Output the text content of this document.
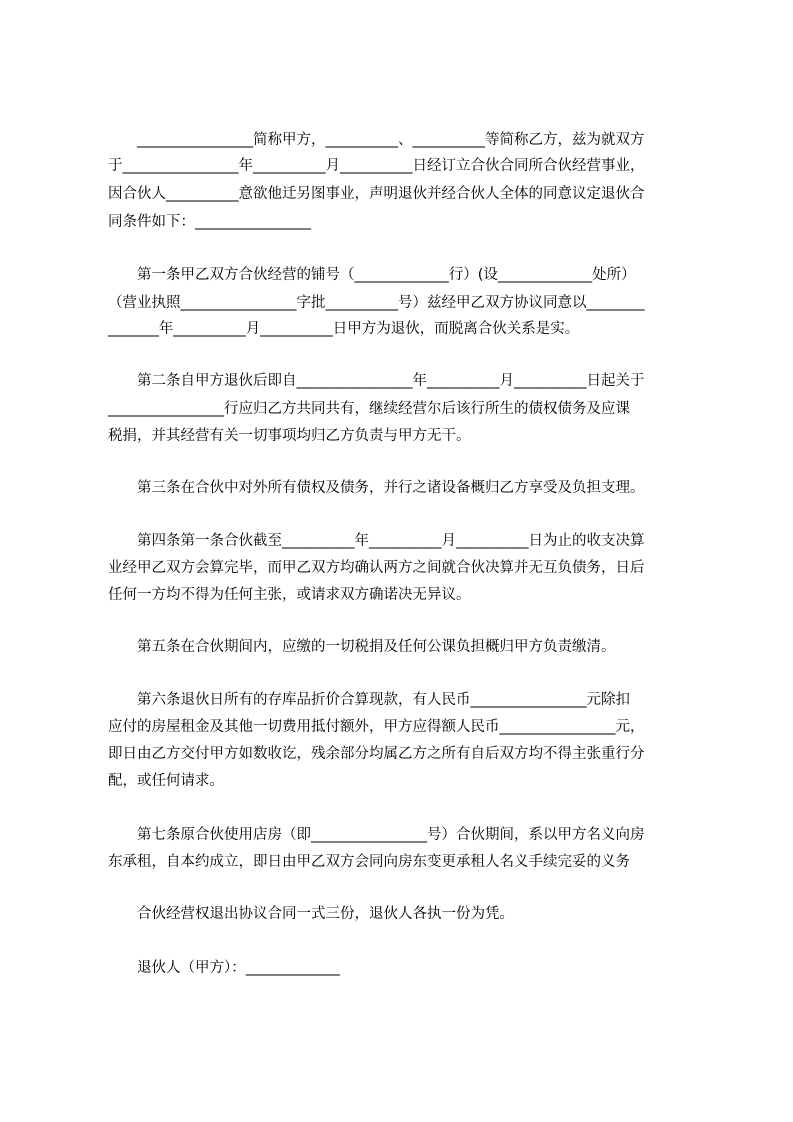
________________简称甲方，__________、__________等简称乙方，兹为就双方
于________________年__________月__________日经订立合伙合同所合伙经营事业，
因合伙人__________意欲他迁另图事业，声明退伙并经合伙人全体的同意议定退伙合
同条件如下：________________
第一条甲乙双方合伙经营的铺号（_____________行）(设_____________处所）
（营业执照________________字批__________号）兹经甲乙双方协议同意以________
_______年__________月__________日甲方为退伙，而脱离合伙关系是实。
第二条自甲方退伙后即自________________年__________月__________日起关于
________________行应归乙方共同共有，继续经营尔后该行所生的债权债务及应课
税捐，并其经营有关一切事项均归乙方负责与甲方无干。
第三条在合伙中对外所有债权及债务，并行之诸设备概归乙方享受及负担支理。
第四条第一条合伙截至__________年__________月__________日为止的收支决算
业经甲乙双方会算完毕，而甲乙双方均确认两方之间就合伙决算并无互负债务，日后
任何一方均不得为任何主张，或请求双方确诺决无异议。
第五条在合伙期间内，应缴的一切税捐及任何公课负担概归甲方负责缴清。
第六条退伙日所有的存库品折价合算现款，有人民币________________元除扣
应付的房屋租金及其他一切费用抵付额外，甲方应得额人民币________________元，
即日由乙方交付甲方如数收讫，残余部分均属乙方之所有自后双方均不得主张重行分
配，或任何请求。
第七条原合伙使用店房（即________________号）合伙期间，系以甲方名义向房
东承租，自本约成立，即日由甲乙双方会同向房东变更承租人名义手续完妥的义务
合伙经营权退出协议合同一式三份，退伙人各执一份为凭。
退伙人（甲方）：_____________
